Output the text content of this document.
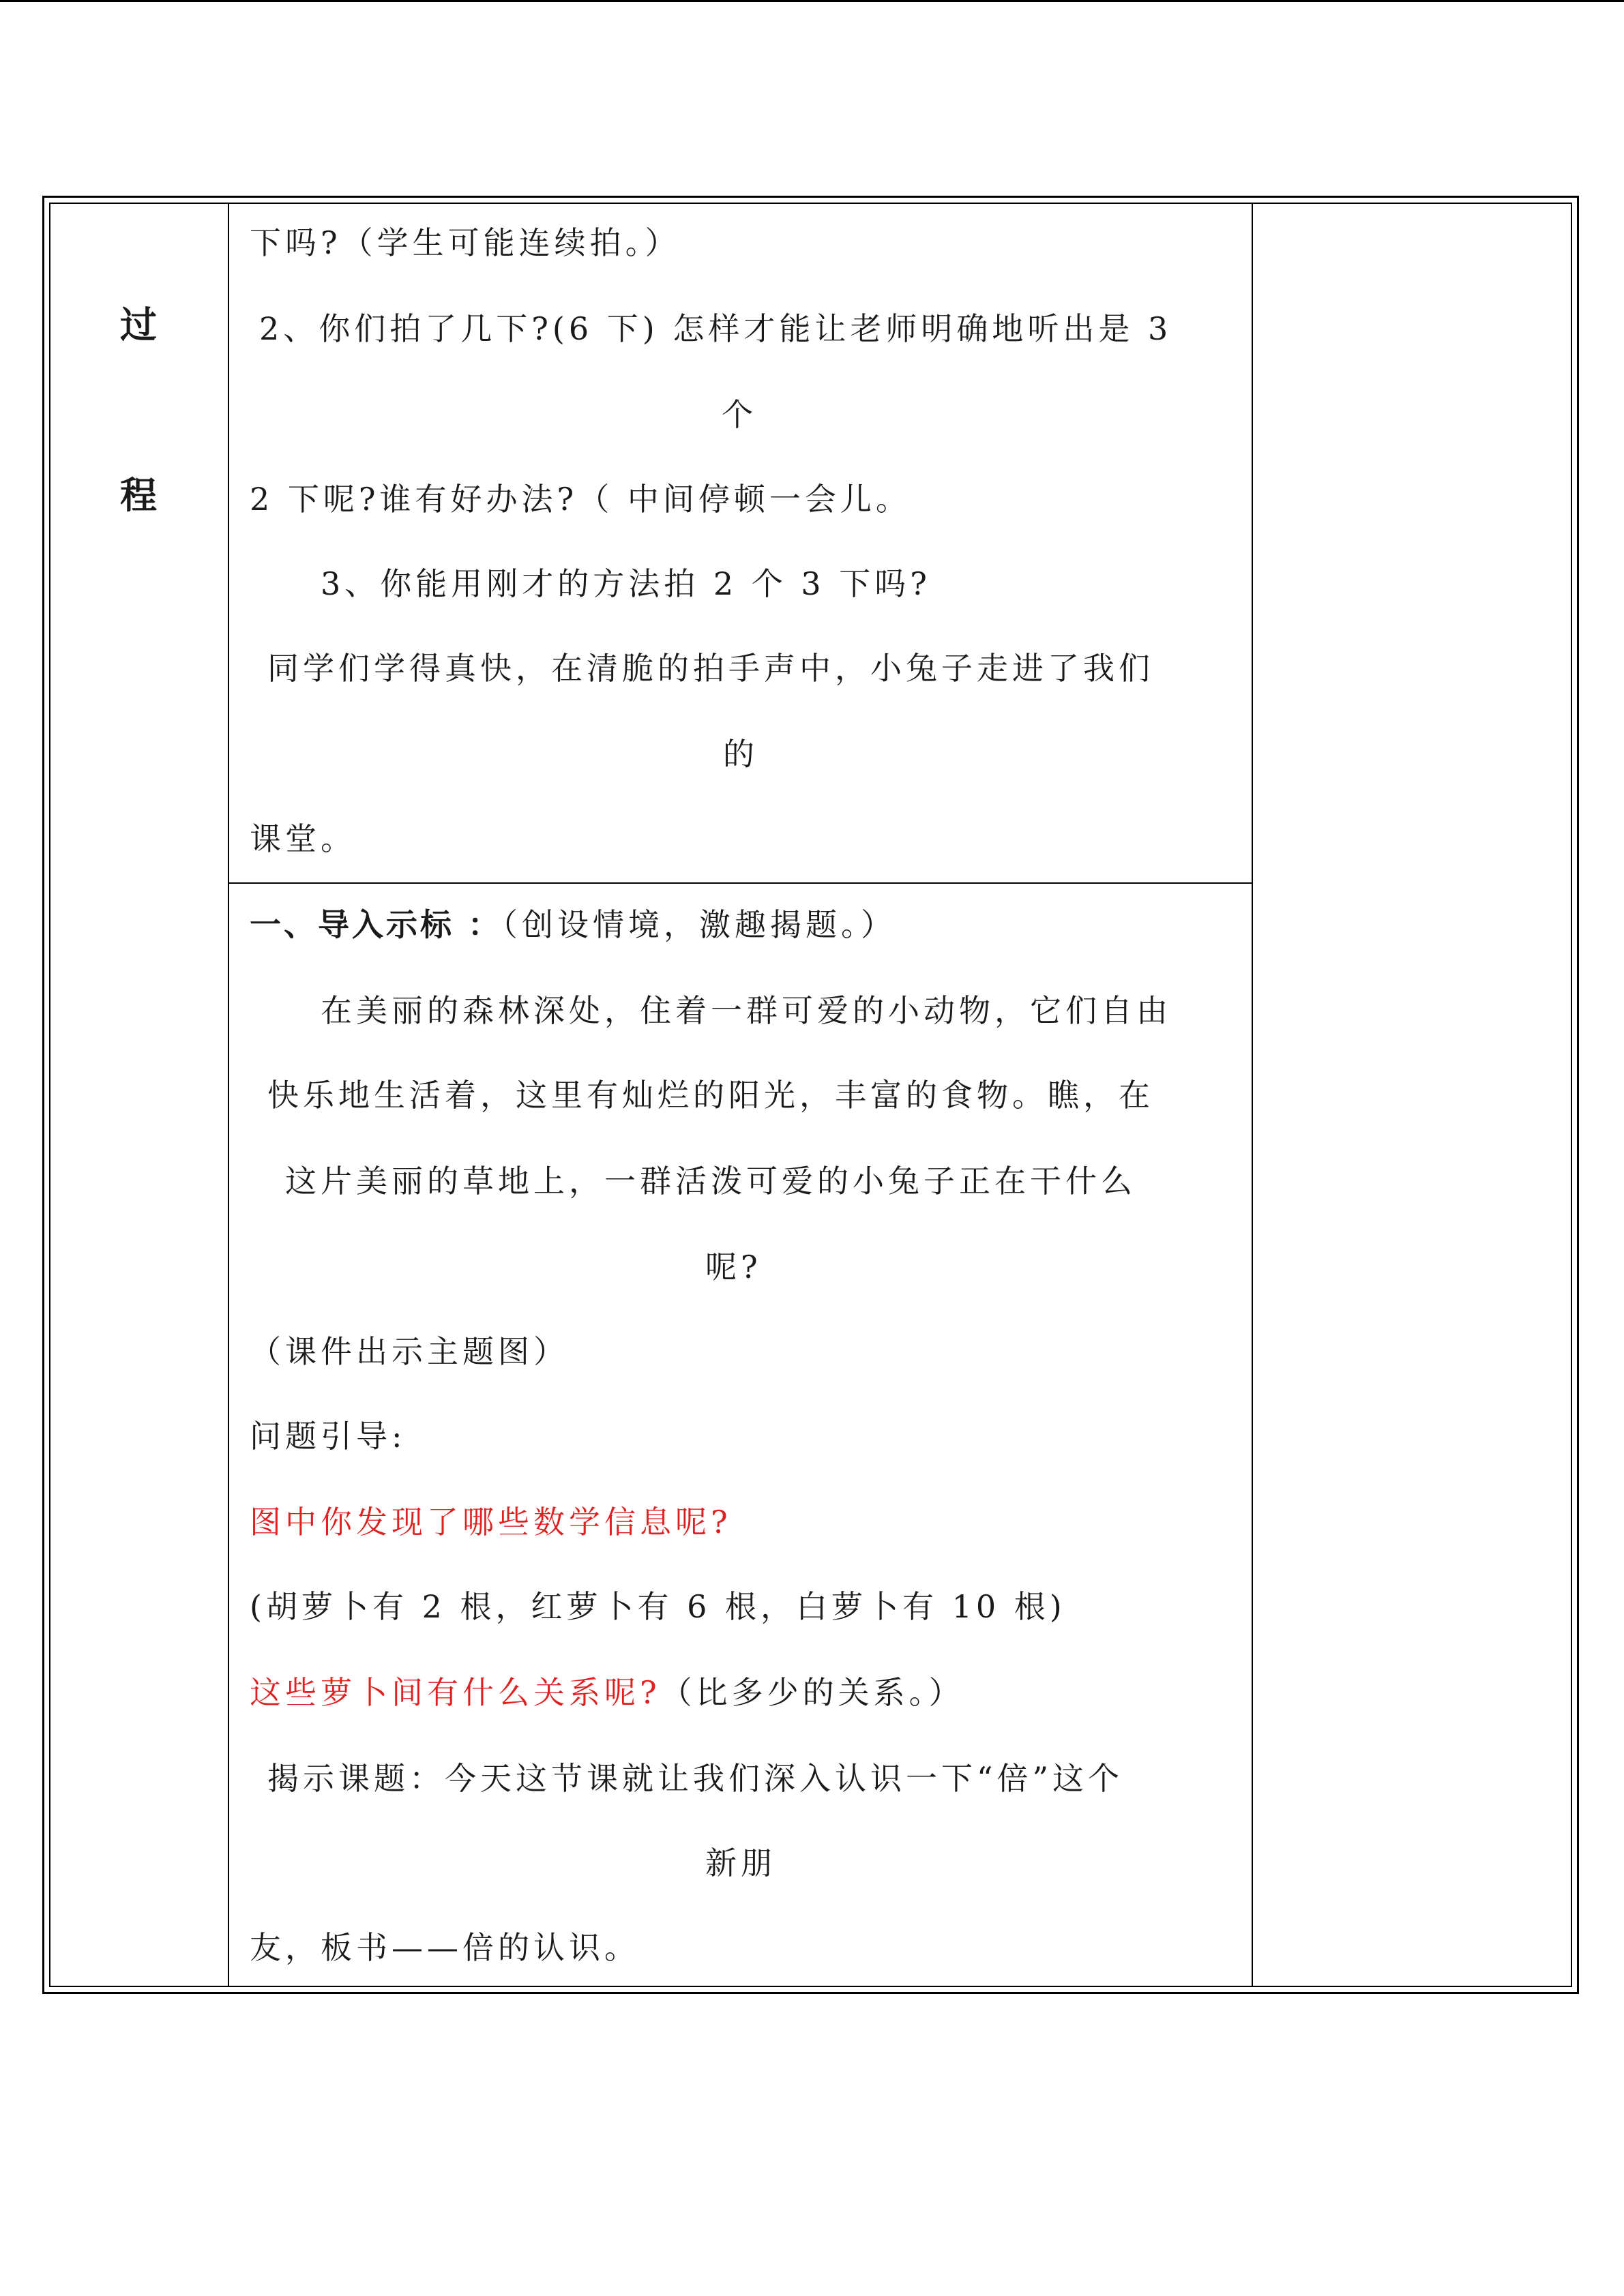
过
程
下吗?（学生可能连续拍。）
2、你们拍了几下?(6 下) 怎样才能让老师明确地听出是 3
个
2 下呢?谁有好办法?（ 中间停顿一会儿。
3、你能用刚才的方法拍 2 个 3 下吗?
同学们学得真快，在清脆的拍手声中，小兔子走进了我们
的
课堂。
一、导入示标 ：（创设情境，激趣揭题。）
在美丽的森林深处，住着一群可爱的小动物，它们自由
快乐地生活着，这里有灿烂的阳光，丰富的食物。瞧，在
这片美丽的草地上，一群活泼可爱的小兔子正在干什么
呢?
（课件出示主题图）
问题引导:
图中你发现了哪些数学信息呢?
(胡萝卜有 2 根，红萝卜有 6 根，白萝卜有 10 根)
这些萝卜间有什么关系呢?（比多少的关系。）
揭示课题：今天这节课就让我们深入认识一下“倍”这个
新朋
友，板书——倍的认识。
